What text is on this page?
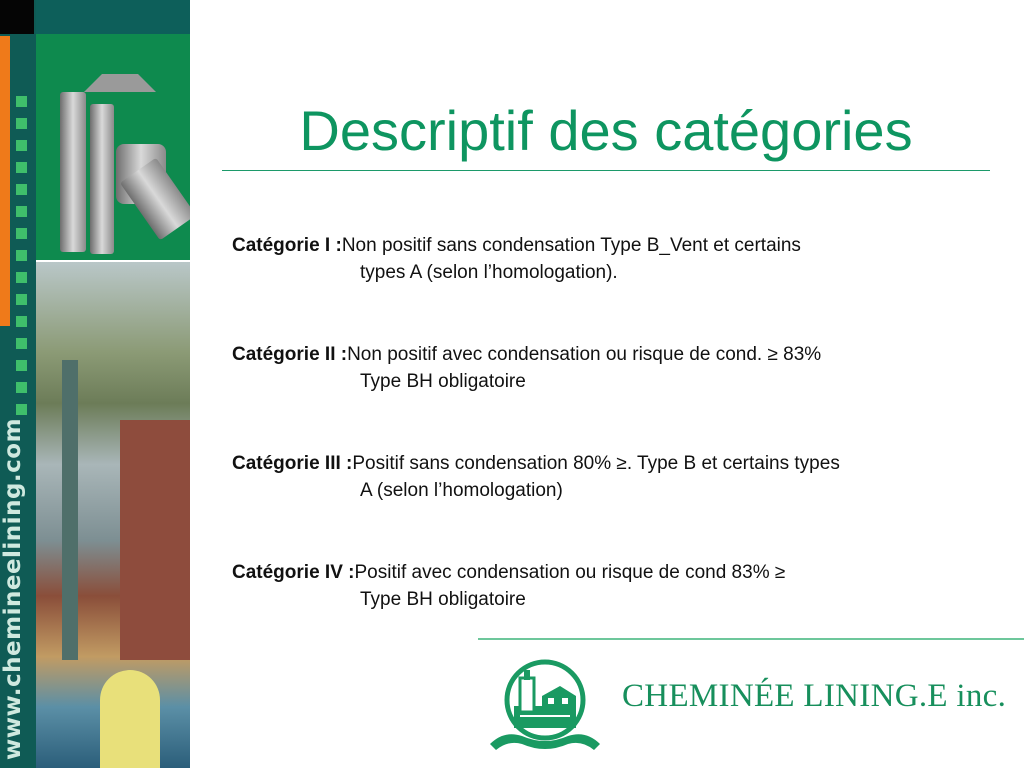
www.chemineelining.com
Descriptif des catégories
Catégorie I :Non positif sans condensation Type B_Vent et certains
types A (selon l’homologation).
Catégorie II :Non positif avec condensation ou risque de cond. ≥ 83%
Type BH obligatoire
Catégorie III :Positif sans condensation 80% ≥. Type B et certains types
A (selon l’homologation)
Catégorie IV :Positif avec condensation ou risque de cond 83% ≥
Type BH obligatoire
CHEMINÉE LINING.E inc.
